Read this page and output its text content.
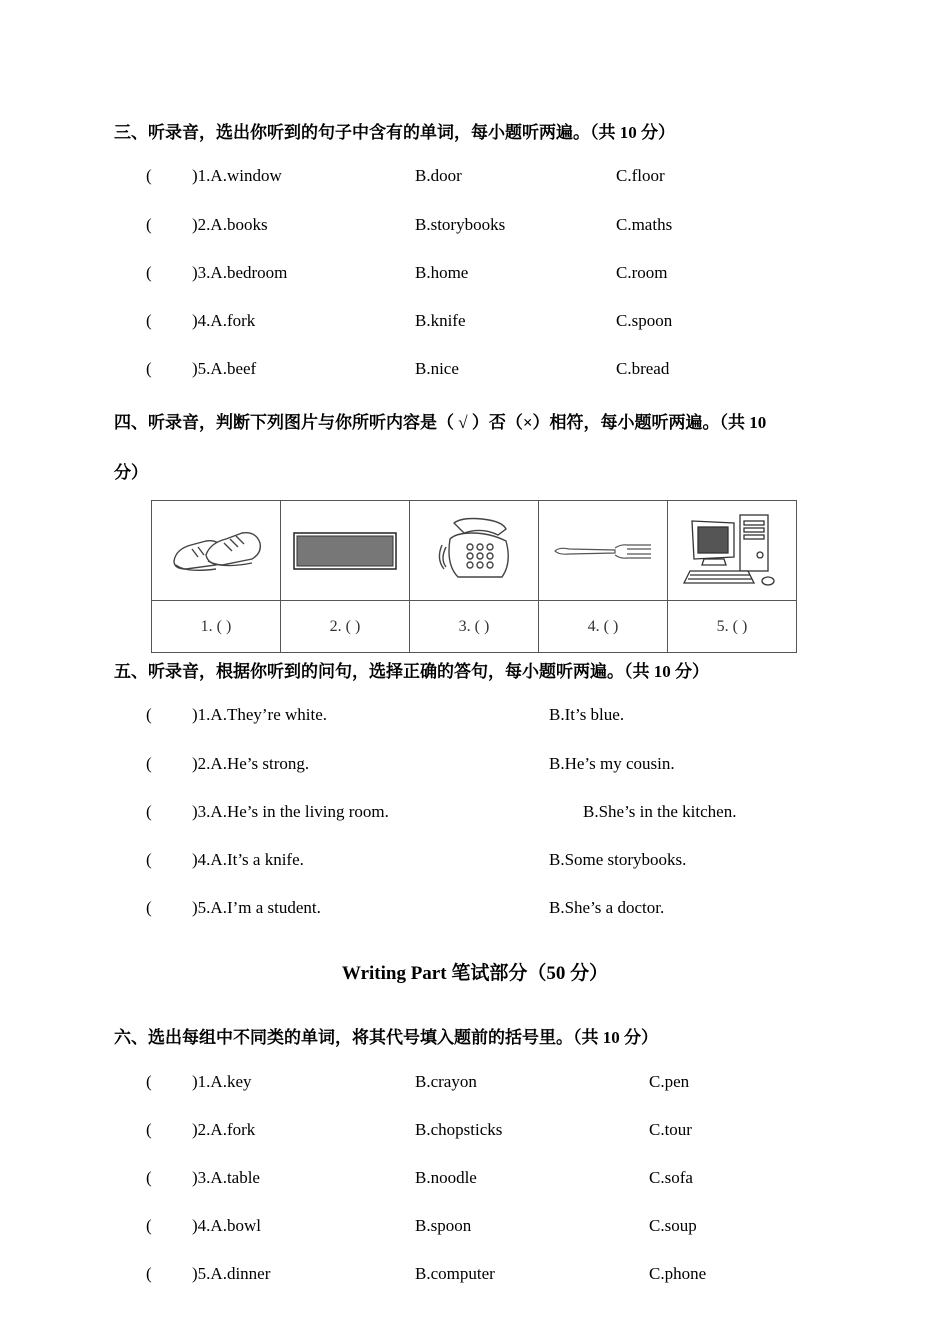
三、听录音，选出你听到的句子中含有的单词，每小题听两遍。（共 10 分）
( )1.A.window	B.door	C.floor
( )2.A.books	B.storybooks	C.maths
( )3.A.bedroom	B.home	C.room
( )4.A.fork	B.knife	C.spoon
( )5.A.beef	B.nice	C.bread
四、听录音，判断下列图片与你所听内容是（ √ ）否（×）相符，每小题听两遍。（共 10
分）

1. ( )	2. ( )	3. ( )	4. ( )	5. ( )
五、听录音，根据你听到的问句，选择正确的答句，每小题听两遍。（共 10 分）
( )1.A.They’re white.	B.It’s blue.
( )2.A.He’s strong.	B.He’s my cousin.
( )3.A.He’s in the living room.	B.She’s in the kitchen.
( )4.A.It’s a knife.	B.Some storybooks.
( )5.A.I’m a student.	B.She’s a doctor.
Writing Part 笔试部分（50 分）
六、选出每组中不同类的单词，将其代号填入题前的括号里。（共 10 分）
( )1.A.key	B.crayon	C.pen
( )2.A.fork	B.chopsticks	C.tour
( )3.A.table	B.noodle	C.sofa
( )4.A.bowl	B.spoon	C.soup
( )5.A.dinner	B.computer	C.phone
